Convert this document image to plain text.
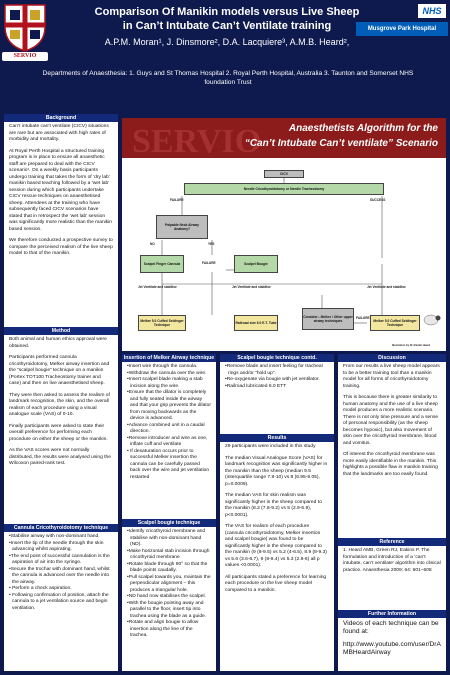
SERVIO
NHS
Musgrove Park Hospital
Comparison Of Manikin models versus Live Sheep
in Can’t Intubate Can’t Ventilate training
A.P.M. Moran¹, J. Dinsmore², D.A. Lacquiere³, A.M.B. Heard²,
Departments of Anaesthesia: 1. Guys and St Thomas Hospital 2. Royal Perth Hospital, Australia 3. Taunton and Somerset NHS foundation Trust
Background

Can’t intubate can’t ventilate (CICV) situations are rare but are associated with high rates of morbidity and mortality.

At Royal Perth Hospital a structured training program is in place to ensure all anaesthetic staff are prepared to deal with the CICV scenario¹. On a weekly basis participants undergo training that takes the form of ‘dry lab’ manikin based teaching followed by a ‘wet lab’ session during which participants undertake CICV rescue techniques on anaesthetised sheep. Attendees at the training who have subsequently faced CICV scenarios have stated that in retrospect the ‘wet lab’ session was significantly more realistic than the manikin based session.

We therefore conducted a prospective survey to compare the perceived realism of the live sheep model to that of the manikin.

Method

Both animal and human ethics approval were obtained.

Participants performed cannula cricothyroidotomy, Melker airway insertion and the “scalpel bougie” technique on a manikin (Portex TOT100 Tracheostomy trainer and case) and then on live anaesthetised sheep.

They were then asked to assess the realism of landmark recognition, the skin, and the overall realism of each procedure using a visual analogue scale (VAS) of 0-10.

Finally participants were asked to state their overall preference for performing each procedure on either the sheep or the manikin.

As the VAS scores were not normally distributed, the results were analysed using the Wilcoxon paired-rank test.

Cannula Cricothyroidotomy technique
•Stabilise airway with non-dominant hand.
•Insert the tip of the needle through the skin advancing whilst aspirating.
•The end point of successful cannulation is the aspiration of air into the syringe.
•Secure the trochar with dominant hand, whilst the cannula is advanced over the needle into the airway.
• Perform a check aspiration.
• Following confirmation of position, attach the cannula to a jet ventilation source and begin ventilation.
SERVIO	Anaesthetists Algorithm for the
“Can’t Intubate Can’t ventilate” Scenario
CICV
Needle Cricothyroidotomy or Needle Tracheostomy
FAILURE	SUCCESS
Palpable Neck Airway Anatomy?
NO	YES
Scalpel Finger Cannula	FAILURE	Scalpel Bougie
Jet Ventilate and stabilise	Jet Ventilate and stabilise	Jet Ventilate and stabilise
Melker 5.0 Cuffed Seldinger Technique	Railroad size 6.0 E.T. Tube
Consider:- Melker / Other upper airway techniques
FAILURE
Melker 5.0 Cuffed Seldinger Technique
Illustration by Dr Alistair Heard
Insertion of Melker Airway technique
•Insert wire through the cannula.
•Withdraw the cannula over the wire.
•Insert scalpel blade making a stab incision along the wire.
•Ensure that the dilator is completely and fully seated inside the airway and that your grip prevents the dilator from moving backwards as the device is advanced.
•Advance combined unit in a caudal direction.
•Remove introducer and wire as one, inflate cuff and ventilate
• If desaturation occurs prior to successful Melker insertion the cannula can be carefully passed back over the wire and jet ventilation restarted
Scalpel bougie technique
•Identify cricothyroid membrane and stabilise with non-dominant hand (ND).
•Make horizontal stab incision through cricothyroid membrane
•Rotate blade through 90° so that the blade points caudally.
•Pull scalpel towards you, maintain the perpendicular alignment – this produces a triangular hole.
•ND hand now stabilises the scalpel.
•With the bougie pointing away and parallel to the floor, insert tip into trachea using the blade as a guide.
•Rotate and align bougie to allow insertion along the line of the trachea.
Scalpel bougie technique contd.
•Remove blade and insert feeling for tracheal rings and/or “hold up”.
•Re-oxygenate via bougie with jet ventilator.
•Railroad lubricated 6.0 ETT
Results

29 participants were included in this study

The median Visual Analogue Score (VAS) for landmark recognition was significantly higher in the manikin than the sheep (median 9.5 (interquartile range 7.8-10) vs 8 (6.95-9.05), p=0.0009).

The median VAS for skin realism was significantly higher in the sheep compared to the manikin (8.2 (7.8-9.2) vs 5 (2.9-6.9), p<0.0001).

The VAS for realism of each procedure (cannula cricothyroidotomy, Melker insertion and scalpel bougie) was found to be significantly higher in the sheep compared to the manikin (9 (8-9.5) vs 5.2 (4-6.5), 8.9 (8-9.3) vs 5.6 (3.6-6.7), 9 (8-9.4) vs 5.3 (2.8-6) all p values <0.0001).

All participants stated a preference for learning each procedure on the live sheep model compared to a manikin.

Discussion

From our results a live sheep model appears to be a better training tool than a manikin model for all forms of cricothyroidotomy training.

This is because there is greater similarity to human anatomy and the use of a live sheep model produces a more realistic scenario. There is not only time pressure and a sense of personal responsibility (as the sheep becomes hypoxic), but also movement of skin over the cricothyroid membrane, blood and vomitus.

Of interest the cricothyroid membrane was more easily identifiable in the manikin. This highlights a possible flaw in manikin training that the landmarks are too easily found.

Reference

1. Heard AMB, Green RJ, Eakins P. The formulation and introduction of a ‘can’t intubate, can’t ventilate’ algorithm into clinical practice. Anaesthesia 2009; 64: 601–608

Further Information

Videos of each technique can be found at:

http://www.youtube.com/user/DrAMBHeardAirway
